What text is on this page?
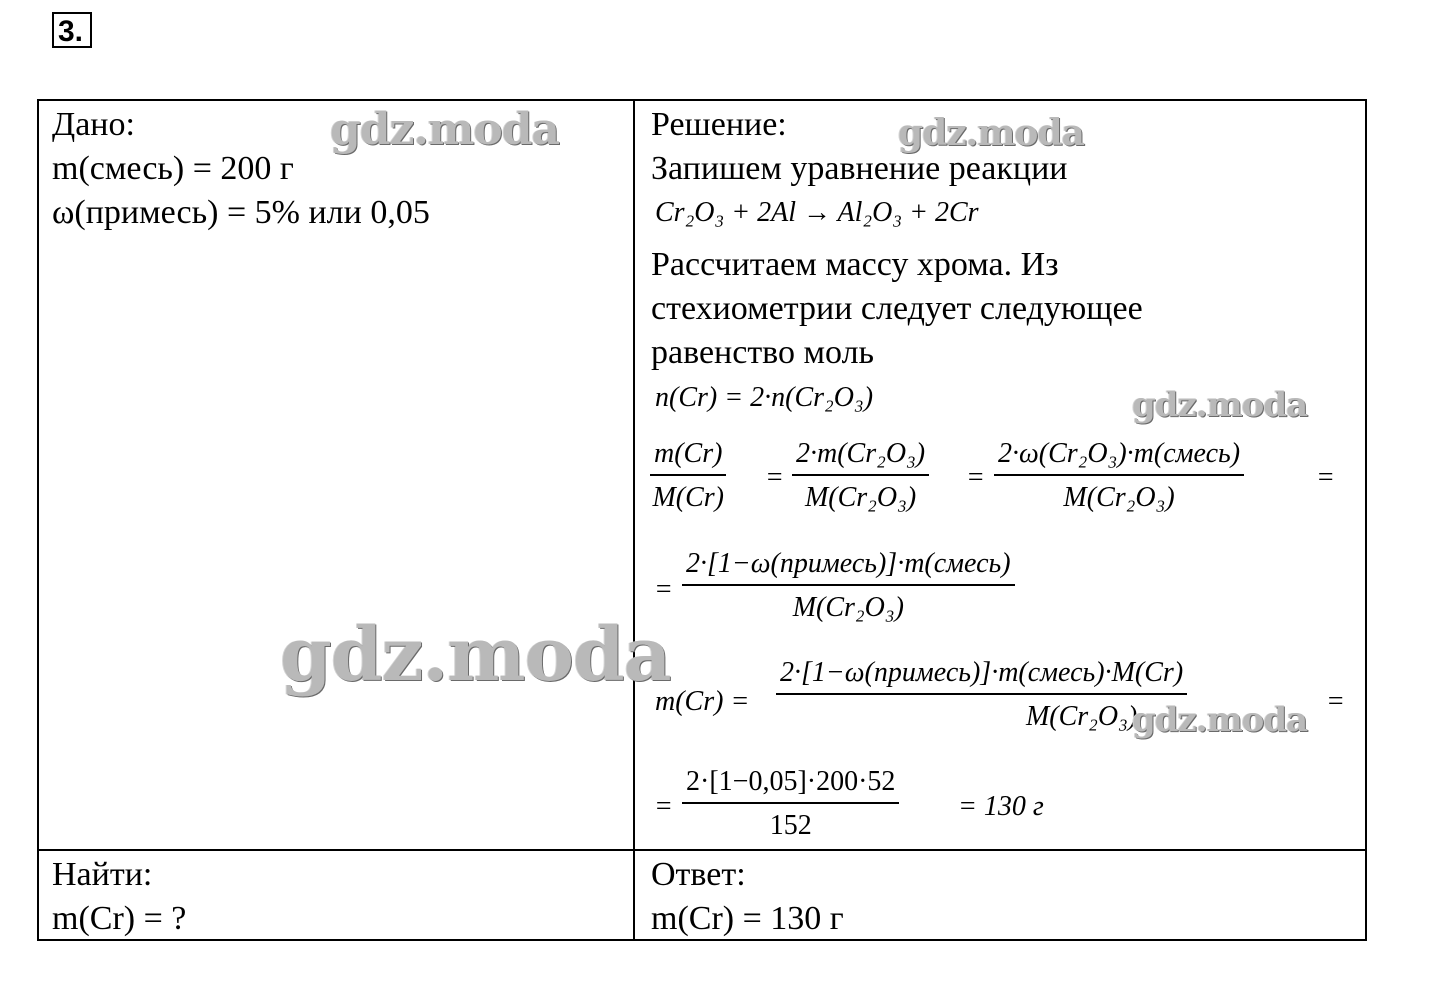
3.
Дано:
m(смесь) = 200 г
ω(примесь) = 5% или 0,05
Найти:
m(Cr) = ?
Решение:
Запишем уравнение реакции
Cr₂O₃ + 2Al → Al₂O₃ + 2Cr
Рассчитаем массу хрома. Из
стехиометрии следует следующее
равенство моль
n(Cr) = 2·n(Cr₂O₃)
$\frac{m(Cr)}{M(Cr)} = \frac{\text{2·m(Cr₂O₃)}}{\text{M(Cr₂O₃)}}$ =
2·ω(Cr₂O₃)·m(смесь)
M(Cr₂O₃)
=
=
2·[1−ω(примесь)]·m(смесь)
M(Cr₂O₃)
m(Cr) =
2·[1−ω(примесь)]·m(смесь)·M(Cr)
M(Cr₂O₃)	=
= $\frac{2\cdot[1-0,05]\cdot 200\cdot 52}{152} = 130$ г
Ответ:
m(Cr) = 130 г
gdz.moda	gdz.moda
gdz.moda
gdz.moda
gdz.moda
